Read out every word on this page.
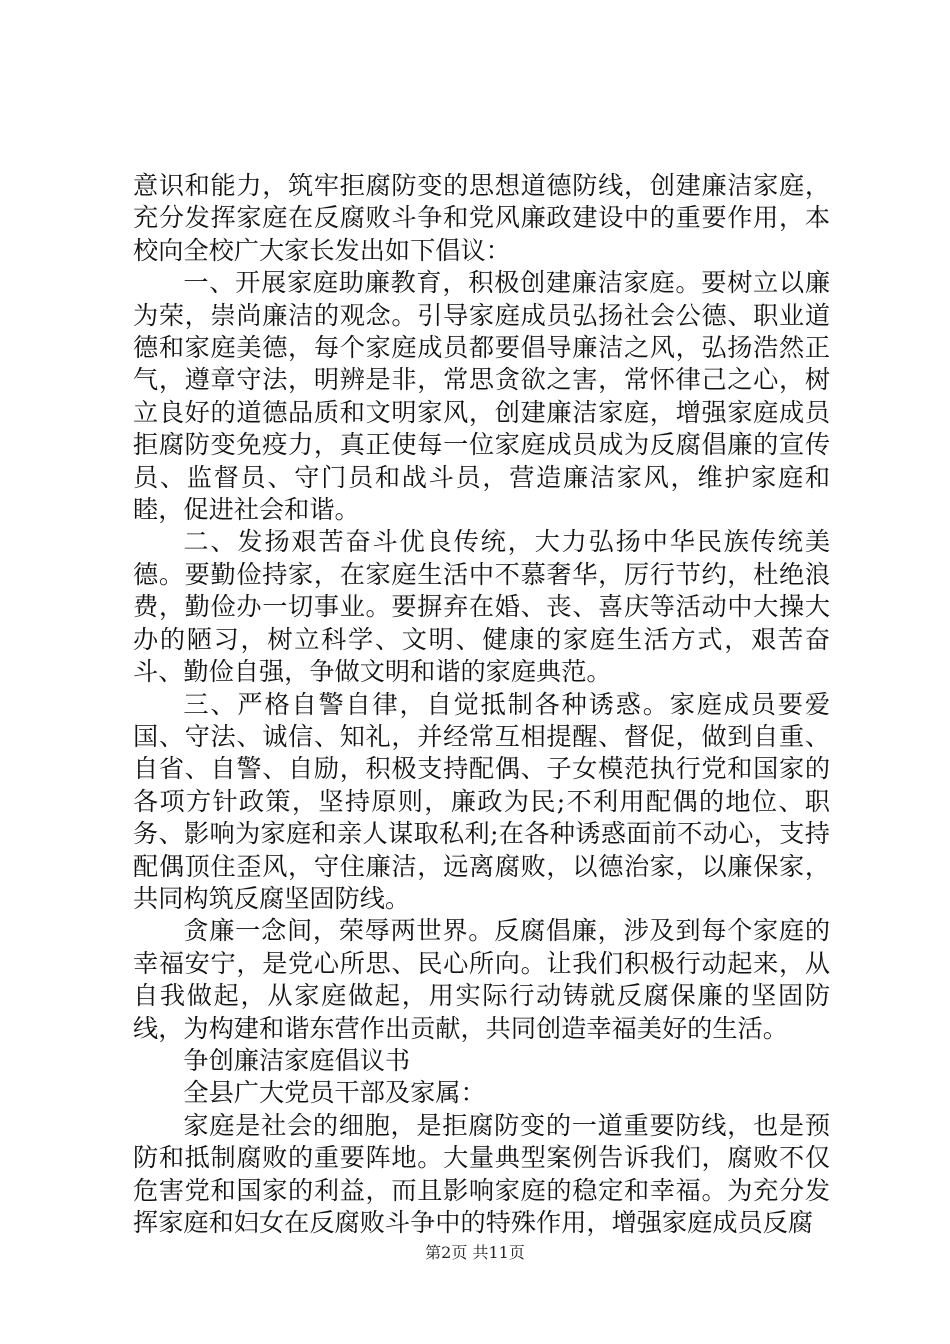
意识和能力，筑牢拒腐防变的思想道德防线，创建廉洁家庭，充分发挥家庭在反腐败斗争和党风廉政建设中的重要作用，本校向全校广大家长发出如下倡议：

一、开展家庭助廉教育，积极创建廉洁家庭。要树立以廉为荣，崇尚廉洁的观念。引导家庭成员弘扬社会公德、职业道德和家庭美德，每个家庭成员都要倡导廉洁之风，弘扬浩然正气，遵章守法，明辨是非，常思贪欲之害，常怀律己之心，树立良好的道德品质和文明家风，创建廉洁家庭，增强家庭成员拒腐防变免疫力，真正使每一位家庭成员成为反腐倡廉的宣传员、监督员、守门员和战斗员，营造廉洁家风，维护家庭和睦，促进社会和谐。

二、发扬艰苦奋斗优良传统，大力弘扬中华民族传统美德。要勤俭持家，在家庭生活中不慕奢华，厉行节约，杜绝浪费，勤俭办一切事业。要摒弃在婚、丧、喜庆等活动中大操大办的陋习，树立科学、文明、健康的家庭生活方式，艰苦奋斗、勤俭自强，争做文明和谐的家庭典范。

三、严格自警自律，自觉抵制各种诱惑。家庭成员要爱国、守法、诚信、知礼，并经常互相提醒、督促，做到自重、自省、自警、自励，积极支持配偶、子女模范执行党和国家的各项方针政策，坚持原则，廉政为民;不利用配偶的地位、职务、影响为家庭和亲人谋取私利;在各种诱惑面前不动心，支持配偶顶住歪风，守住廉洁，远离腐败，以德治家，以廉保家，共同构筑反腐坚固防线。

贪廉一念间，荣辱两世界。反腐倡廉，涉及到每个家庭的幸福安宁，是党心所思、民心所向。让我们积极行动起来，从自我做起，从家庭做起，用实际行动铸就反腐保廉的坚固防线，为构建和谐东营作出贡献，共同创造幸福美好的生活。

争创廉洁家庭倡议书

全县广大党员干部及家属：

家庭是社会的细胞，是拒腐防变的一道重要防线，也是预防和抵制腐败的重要阵地。大量典型案例告诉我们，腐败不仅危害党和国家的利益，而且影响家庭的稳定和幸福。为充分发挥家庭和妇女在反腐败斗争中的特殊作用，增强家庭成员反腐

第2页 共11页
